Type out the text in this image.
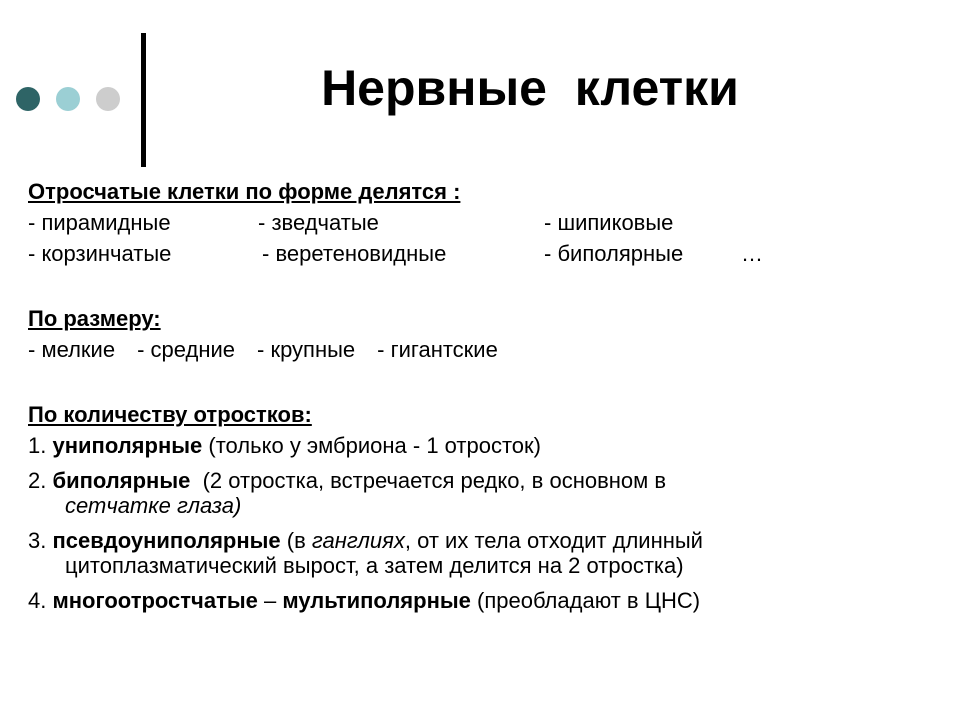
Нервные  клетки
Отросчатые клетки по форме делятся :
- пирамидные	- зведчатые	- шипиковые
- корзинчатые	- веретеновидные	- биполярные	…
По размеру:
- мелкие - средние - крупные - гигантские
По количеству отростков:
1. униполярные (только у эмбриона - 1 отросток)
2. биполярные  (2 отростка, встречается редко, в основном в
сетчатке глаза)
3. псевдоуниполярные (в ганглиях, от их тела отходит длинный
цитоплазматический вырост, а затем делится на 2 отростка)
4. многоотростчатые – мультиполярные (преобладают в ЦНС)
